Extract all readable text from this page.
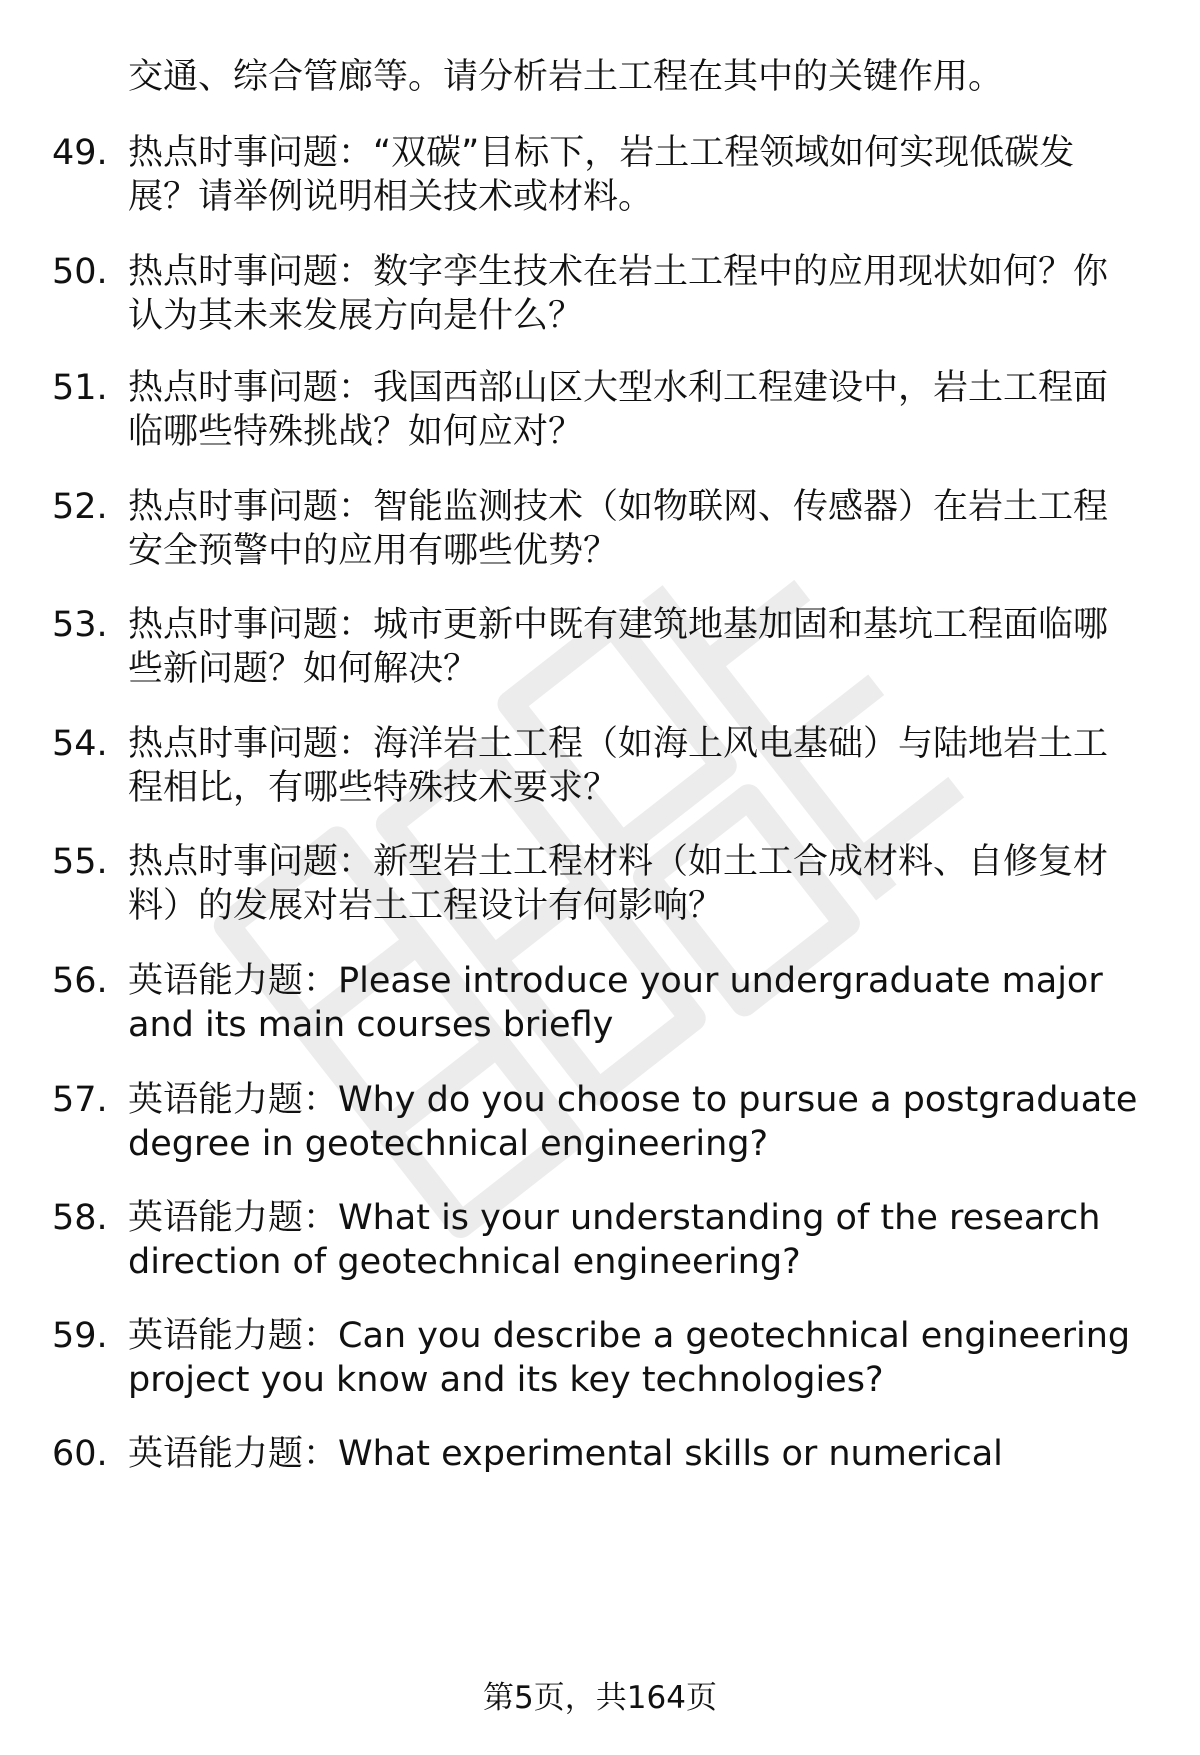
交通、综合管廊等。请分析岩土工程在其中的关键作用。
49. 热点时事问题：“双碳”目标下，岩土工程领域如何实现低碳发
展？请举例说明相关技术或材料。
50. 热点时事问题：数字孪生技术在岩土工程中的应用现状如何？你
认为其未来发展方向是什么？
51. 热点时事问题：我国西部山区大型水利工程建设中，岩土工程面
临哪些特殊挑战？如何应对？
52. 热点时事问题：智能监测技术（如物联网、传感器）在岩土工程
安全预警中的应用有哪些优势？
53. 热点时事问题：城市更新中既有建筑地基加固和基坑工程面临哪
些新问题？如何解决？
54. 热点时事问题：海洋岩土工程（如海上风电基础）与陆地岩土工
程相比，有哪些特殊技术要求？
55. 热点时事问题：新型岩土工程材料（如土工合成材料、自修复材
料）的发展对岩土工程设计有何影响？
56. 英语能力题：Please introduce your undergraduate major
and its main courses briefly
57. 英语能力题：Why do you choose to pursue a postgraduate
degree in geotechnical engineering?
58. 英语能力题：What is your understanding of the research
direction of geotechnical engineering?
59. 英语能力题：Can you describe a geotechnical engineering
project you know and its key technologies?
60. 英语能力题：What experimental skills or numerical
第5页，共164页
